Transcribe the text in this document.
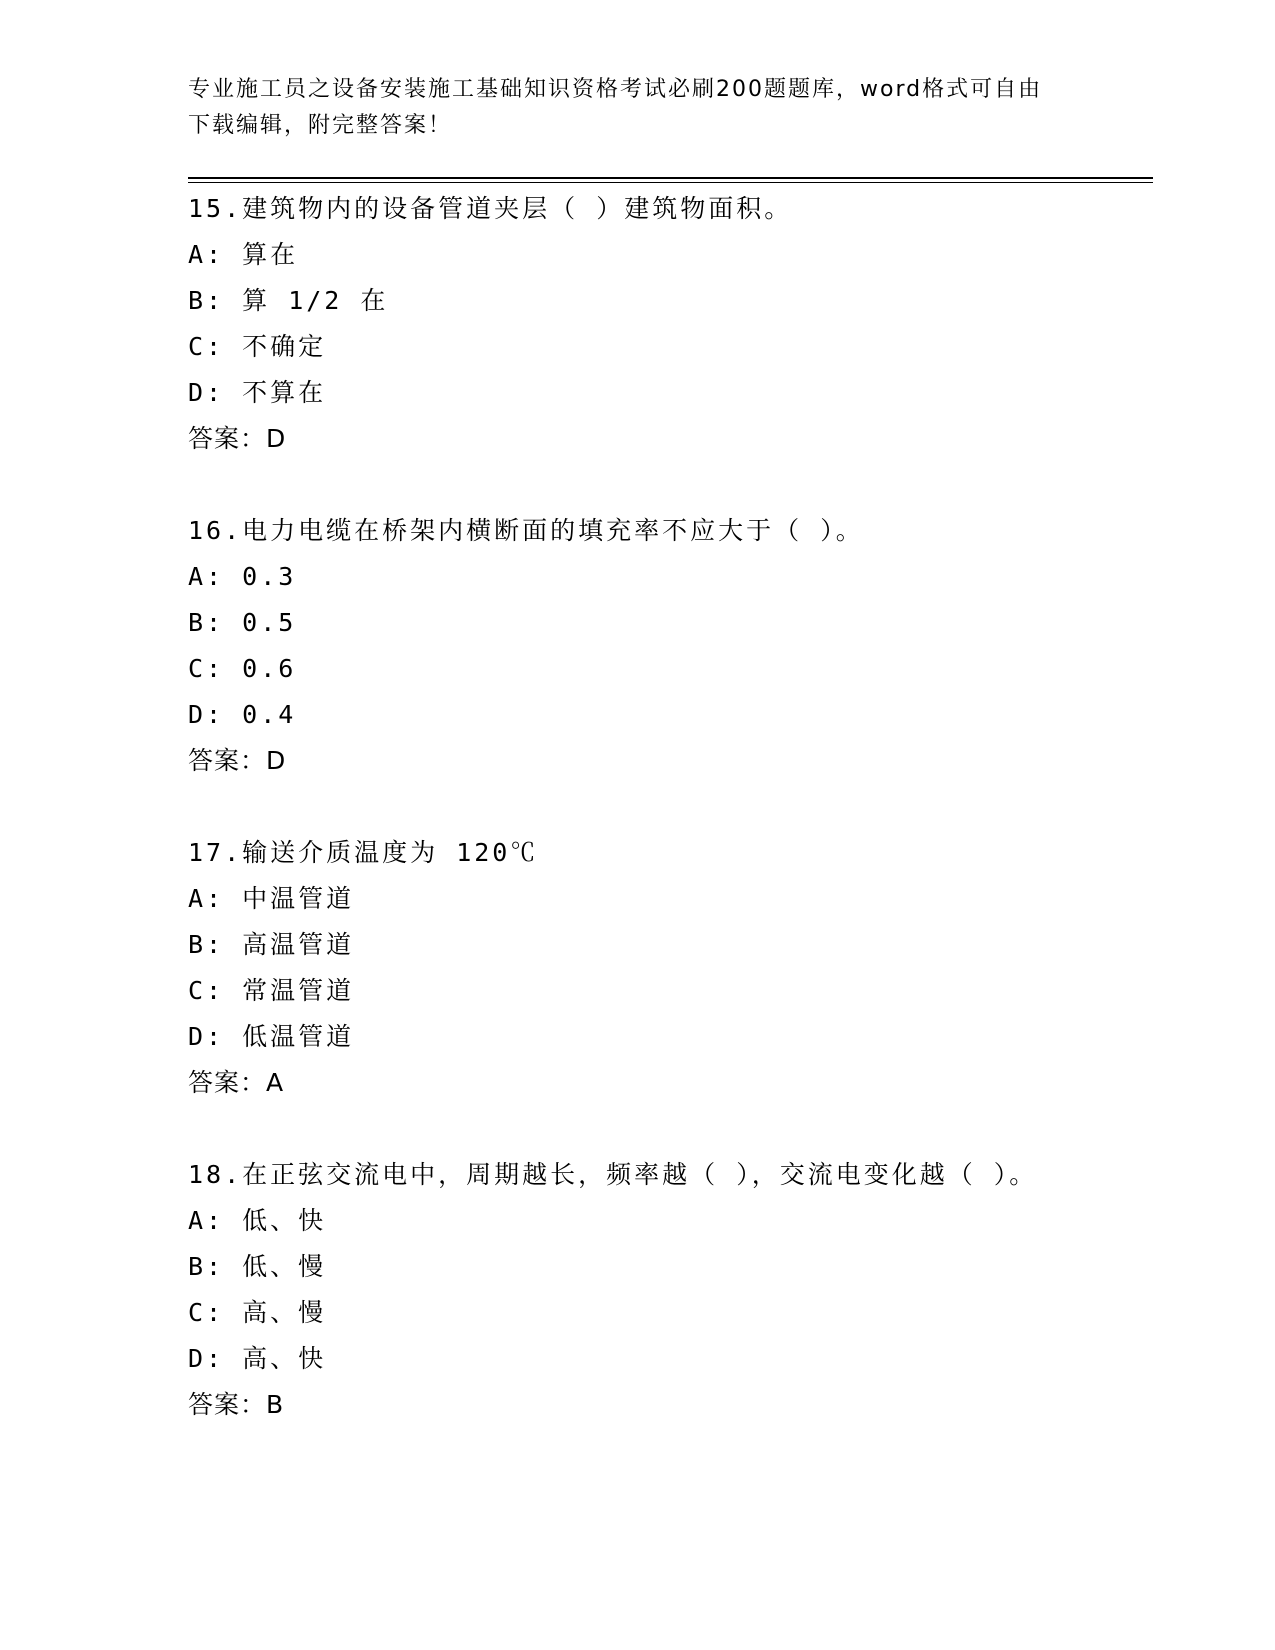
专业施工员之设备安装施工基础知识资格考试必刷200题题库，word格式可自由
下载编辑，附完整答案！
15.建筑物内的设备管道夹层（ ）建筑物面积。
A: 算在
B: 算 1/2 在
C: 不确定
D: 不算在
答案：D
16.电力电缆在桥架内横断面的填充率不应大于（ ）。
A: 0.3
B: 0.5
C: 0.6
D: 0.4
答案：D
17.输送介质温度为 120℃
A: 中温管道
B: 高温管道
C: 常温管道
D: 低温管道
答案：A
18.在正弦交流电中，周期越长，频率越（ ），交流电变化越（ ）。
A: 低、快
B: 低、慢
C: 高、慢
D: 高、快
答案：B
